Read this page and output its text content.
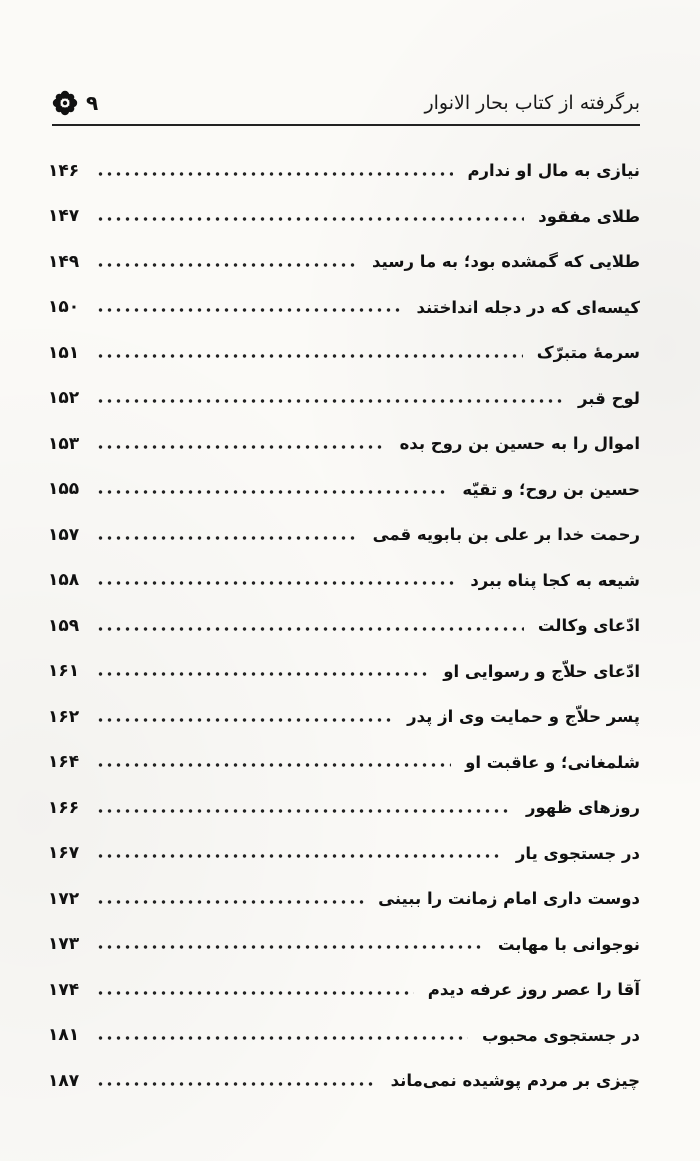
برگرفته از کتاب بحار الانوار
۹
نیازی به مال او ندارم
۱۴۶
طلای مفقود
۱۴۷
طلایی که گمشده بود؛ به ما رسید
۱۴۹
کیسه‌ای که در دجله انداختند
۱۵۰
سرمهٔ متبرّک
۱۵۱
لوح قبر
۱۵۲
اموال را به حسین بن روح بده
۱۵۳
حسین بن روح؛ و تقیّه
۱۵۵
رحمت خدا بر علی بن بابویه قمی
۱۵۷
شیعه به کجا پناه ببرد
۱۵۸
ادّعای وکالت
۱۵۹
ادّعای حلاّج و رسوایی او
۱۶۱
پسر حلاّج و حمایت وی از پدر
۱۶۲
شلمغانی؛ و عاقبت او
۱۶۴
روزهای ظهور
۱۶۶
در جستجوی یار
۱۶۷
دوست داری امام زمانت را ببینی
۱۷۲
نوجوانی با مهابت
۱۷۳
آقا را عصر روز عرفه دیدم
۱۷۴
در جستجوی محبوب
۱۸۱
چیزی بر مردم پوشیده نمی‌ماند
۱۸۷
